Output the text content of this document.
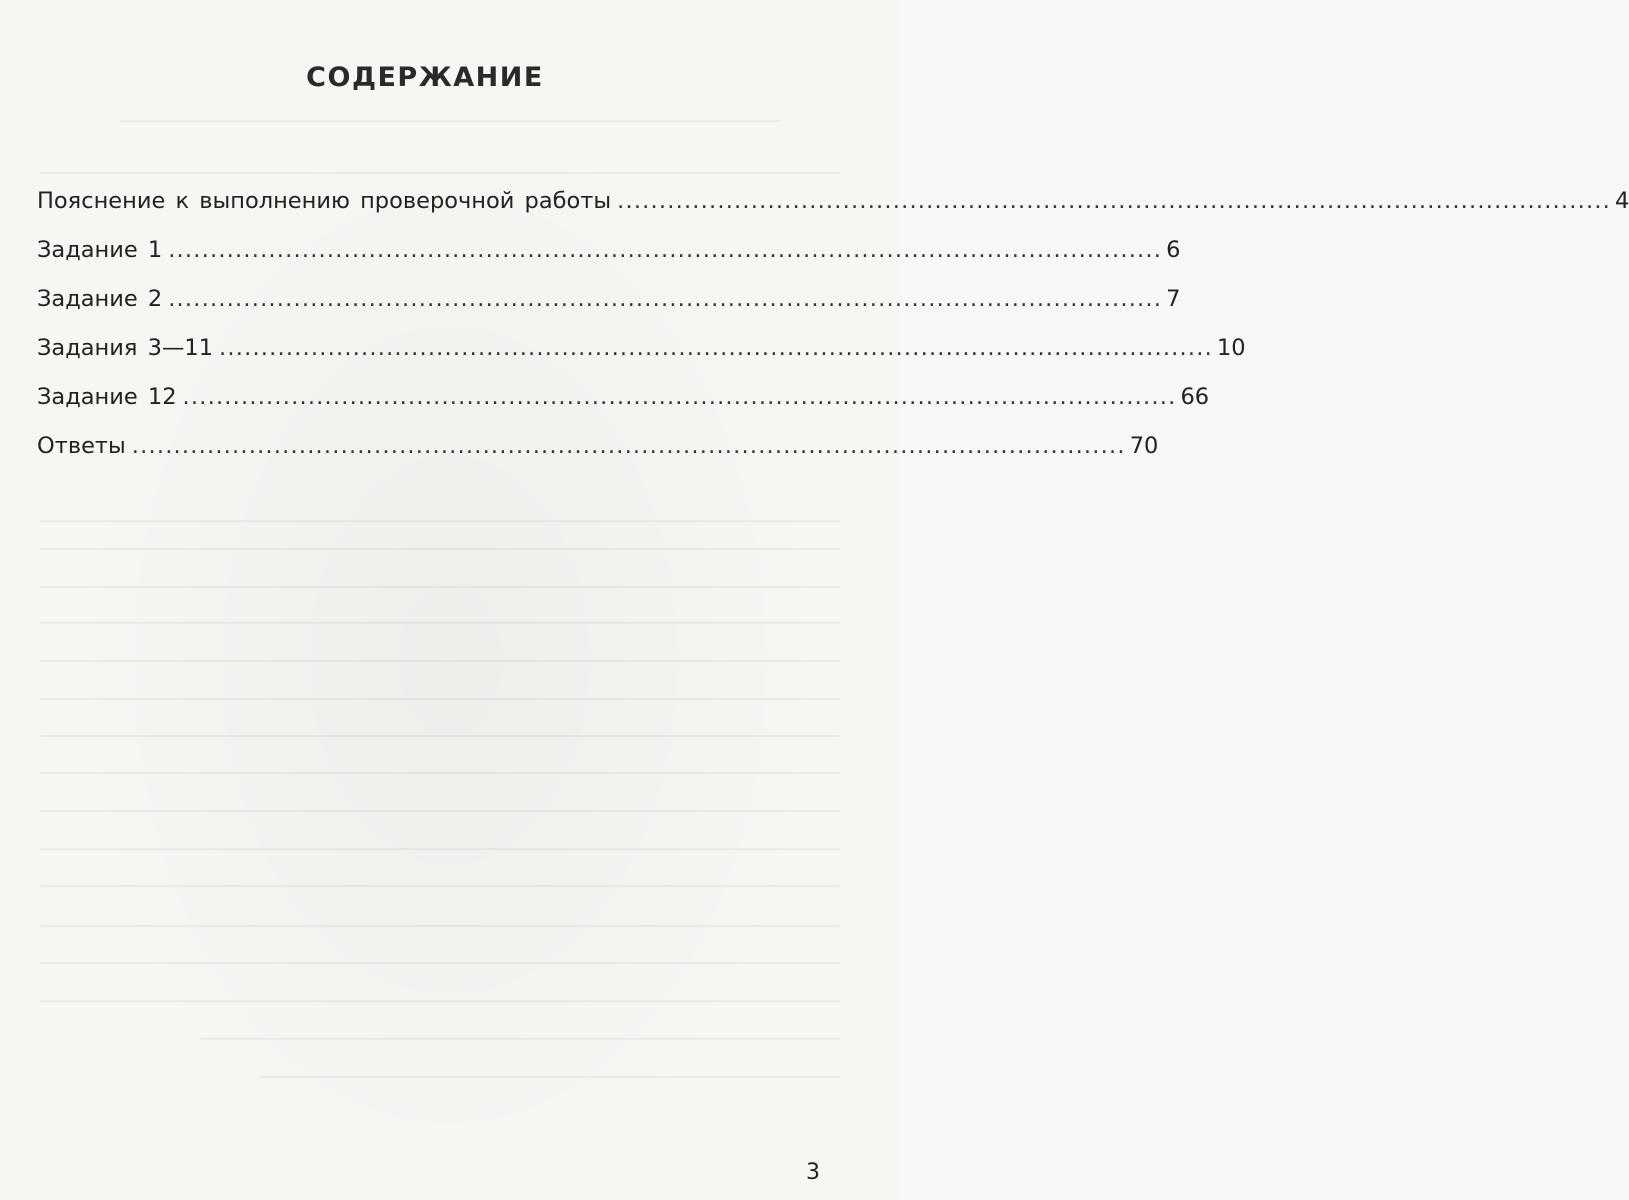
СОДЕРЖАНИЕ
Пояснение к выполнению проверочной работы ....................................................................................................................... 4
Задание 1 ....................................................................................................................... 6
Задание 2 ....................................................................................................................... 7
Задания 3—11 ....................................................................................................................... 10
Задание 12 ....................................................................................................................... 66
Ответы ....................................................................................................................... 70
3
